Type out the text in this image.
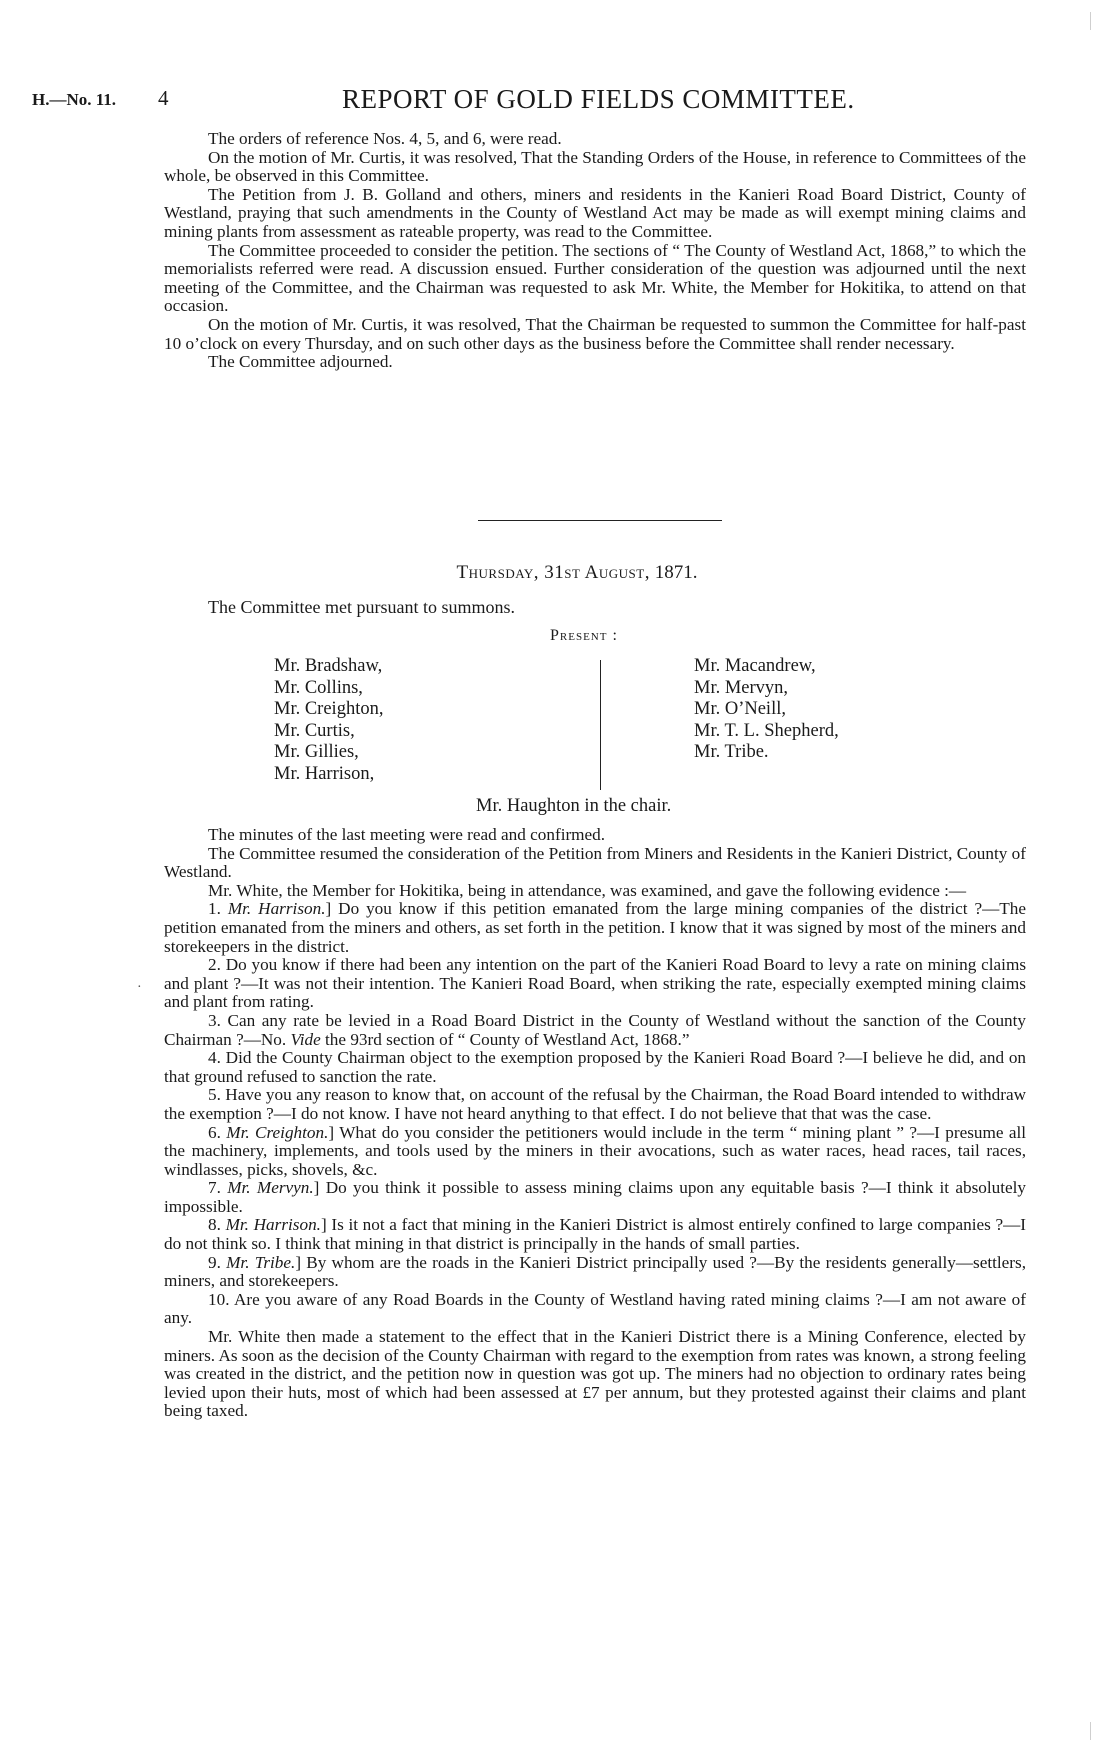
H.—No. 11. 4	REPORT OF GOLD FIELDS COMMITTEE.

The orders of reference Nos. 4, 5, and 6, were read.

On the motion of Mr. Curtis, it was resolved, That the Standing Orders of the House, in reference to Committees of the whole, be observed in this Committee.

The Petition from J. B. Golland and others, miners and residents in the Kanieri Road Board District, County of Westland, praying that such amendments in the County of Westland Act may be made as will exempt mining claims and mining plants from assessment as rateable property, was read to the Committee.

The Committee proceeded to consider the petition. The sections of “ The County of Westland Act, 1868,” to which the memorialists referred were read. A discussion ensued. Further consideration of the question was adjourned until the next meeting of the Committee, and the Chairman was requested to ask Mr. White, the Member for Hokitika, to attend on that occasion.

On the motion of Mr. Curtis, it was resolved, That the Chairman be requested to summon the Committee for half-past 10 o’clock on every Thursday, and on such other days as the business before the Committee shall render necessary.

The Committee adjourned.

Thursday, 31st August, 1871.
The Committee met pursuant to summons.
Present :
Mr. Bradshaw,
Mr. Collins,
Mr. Creighton,
Mr. Curtis,
Mr. Gillies,
Mr. Harrison,
Mr. Macandrew,
Mr. Mervyn,
Mr. O’Neill,
Mr. T. L. Shepherd,
Mr. Tribe.
Mr. Haughton in the chair.

The minutes of the last meeting were read and confirmed.

The Committee resumed the consideration of the Petition from Miners and Residents in the Kanieri District, County of Westland.

Mr. White, the Member for Hokitika, being in attendance, was examined, and gave the following evidence :—

1. Mr. Harrison.] Do you know if this petition emanated from the large mining companies of the district ?—The petition emanated from the miners and others, as set forth in the petition. I know that it was signed by most of the miners and storekeepers in the district.

2. Do you know if there had been any intention on the part of the Kanieri Road Board to levy a rate on mining claims and plant ?—It was not their intention. The Kanieri Road Board, when striking the rate, especially exempted mining claims and plant from rating.

3. Can any rate be levied in a Road Board District in the County of Westland without the sanction of the County Chairman ?—No. Vide the 93rd section of “ County of Westland Act, 1868.”

4. Did the County Chairman object to the exemption proposed by the Kanieri Road Board ?—I believe he did, and on that ground refused to sanction the rate.

5. Have you any reason to know that, on account of the refusal by the Chairman, the Road Board intended to withdraw the exemption ?—I do not know. I have not heard anything to that effect. I do not believe that that was the case.

6. Mr. Creighton.] What do you consider the petitioners would include in the term “ mining plant ” ?—I presume all the machinery, implements, and tools used by the miners in their avocations, such as water races, head races, tail races, windlasses, picks, shovels, &c.

7. Mr. Mervyn.] Do you think it possible to assess mining claims upon any equitable basis ?—I think it absolutely impossible.

8. Mr. Harrison.] Is it not a fact that mining in the Kanieri District is almost entirely confined to large companies ?—I do not think so. I think that mining in that district is principally in the hands of small parties.

9. Mr. Tribe.] By whom are the roads in the Kanieri District principally used ?—By the residents generally—settlers, miners, and storekeepers.

10. Are you aware of any Road Boards in the County of Westland having rated mining claims ?—I am not aware of any.

Mr. White then made a statement to the effect that in the Kanieri District there is a Mining Conference, elected by miners. As soon as the decision of the County Chairman with regard to the exemption from rates was known, a strong feeling was created in the district, and the petition now in question was got up. The miners had no objection to ordinary rates being levied upon their huts, most of which had been assessed at £7 per annum, but they protested against their claims and plant being taxed.

·
